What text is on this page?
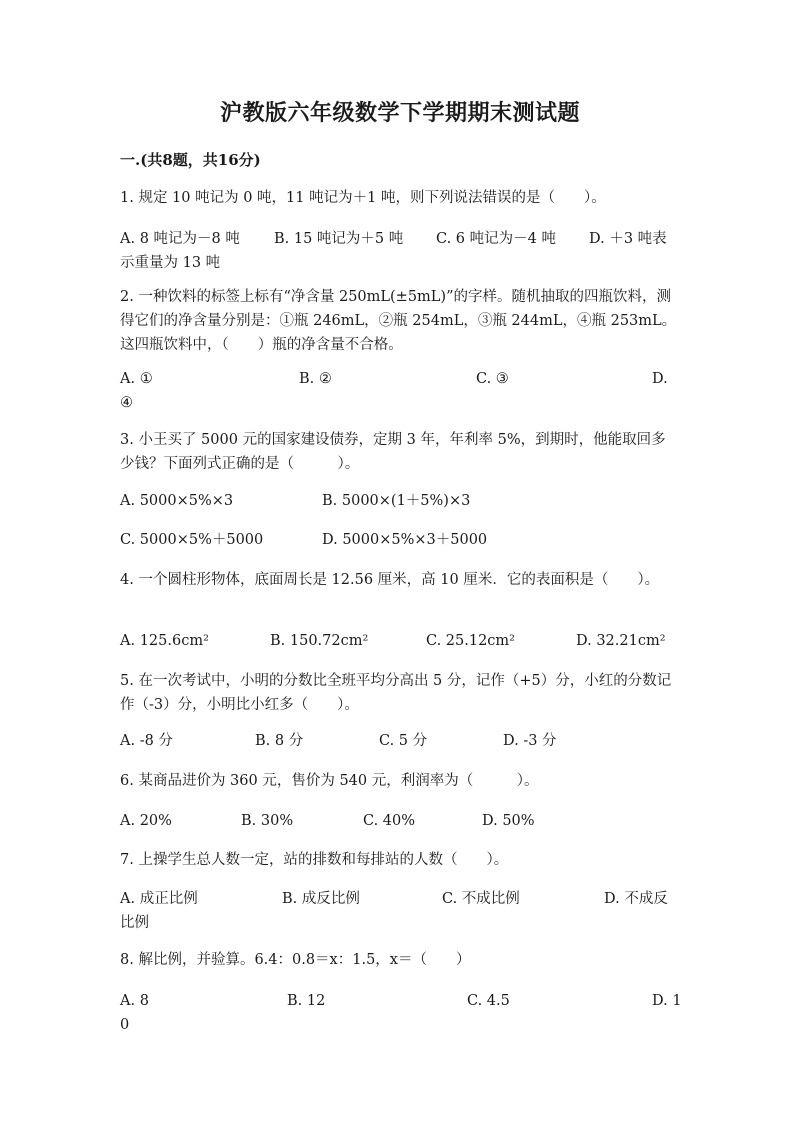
沪教版六年级数学下学期期末测试题
一.(共8题，共16分)
1. 规定 10 吨记为 0 吨，11 吨记为＋1 吨，则下列说法错误的是（　　）。
A. 8 吨记为－8 吨 B. 15 吨记为＋5 吨 C. 6 吨记为－4 吨 D. ＋3 吨表
示重量为 13 吨
2. 一种饮料的标签上标有“净含量 250mL(±5mL)”的字样。随机抽取的四瓶饮料，测得它们的净含量分别是：①瓶 246mL，②瓶 254mL，③瓶 244mL，④瓶 253mL。这四瓶饮料中，（　　）瓶的净含量不合格。
A. ①	B. ②	C. ③	D.
④
3. 小王买了 5000 元的国家建设债券，定期 3 年，年利率 5%，到期时，他能取回多少钱？下面列式正确的是（　　　）。
A. 5000×5%×3	B. 5000×(1＋5%)×3
C. 5000×5%＋5000	D. 5000×5%×3＋5000
4. 一个圆柱形物体，底面周长是 12.56 厘米，高 10 厘米．它的表面积是（　　）。
A. 125.6cm²	B. 150.72cm²	C. 25.12cm²	D. 32.21cm²
5. 在一次考试中，小明的分数比全班平均分高出 5 分，记作（+5）分，小红的分数记作（-3）分，小明比小红多（　　）。
A. -8 分	B. 8 分	C. 5 分	D. -3 分
6. 某商品进价为 360 元，售价为 540 元，利润率为（　　　）。
A. 20%	B. 30%	C. 40%	D. 50%
7. 上操学生总人数一定，站的排数和每排站的人数（　　）。
A. 成正比例	B. 成反比例	C. 不成比例	D. 不成反
比例
8. 解比例，并验算。6.4：0.8＝x：1.5，x＝（　　）
A. 8	B. 12	C. 4.5	D. 1
0
